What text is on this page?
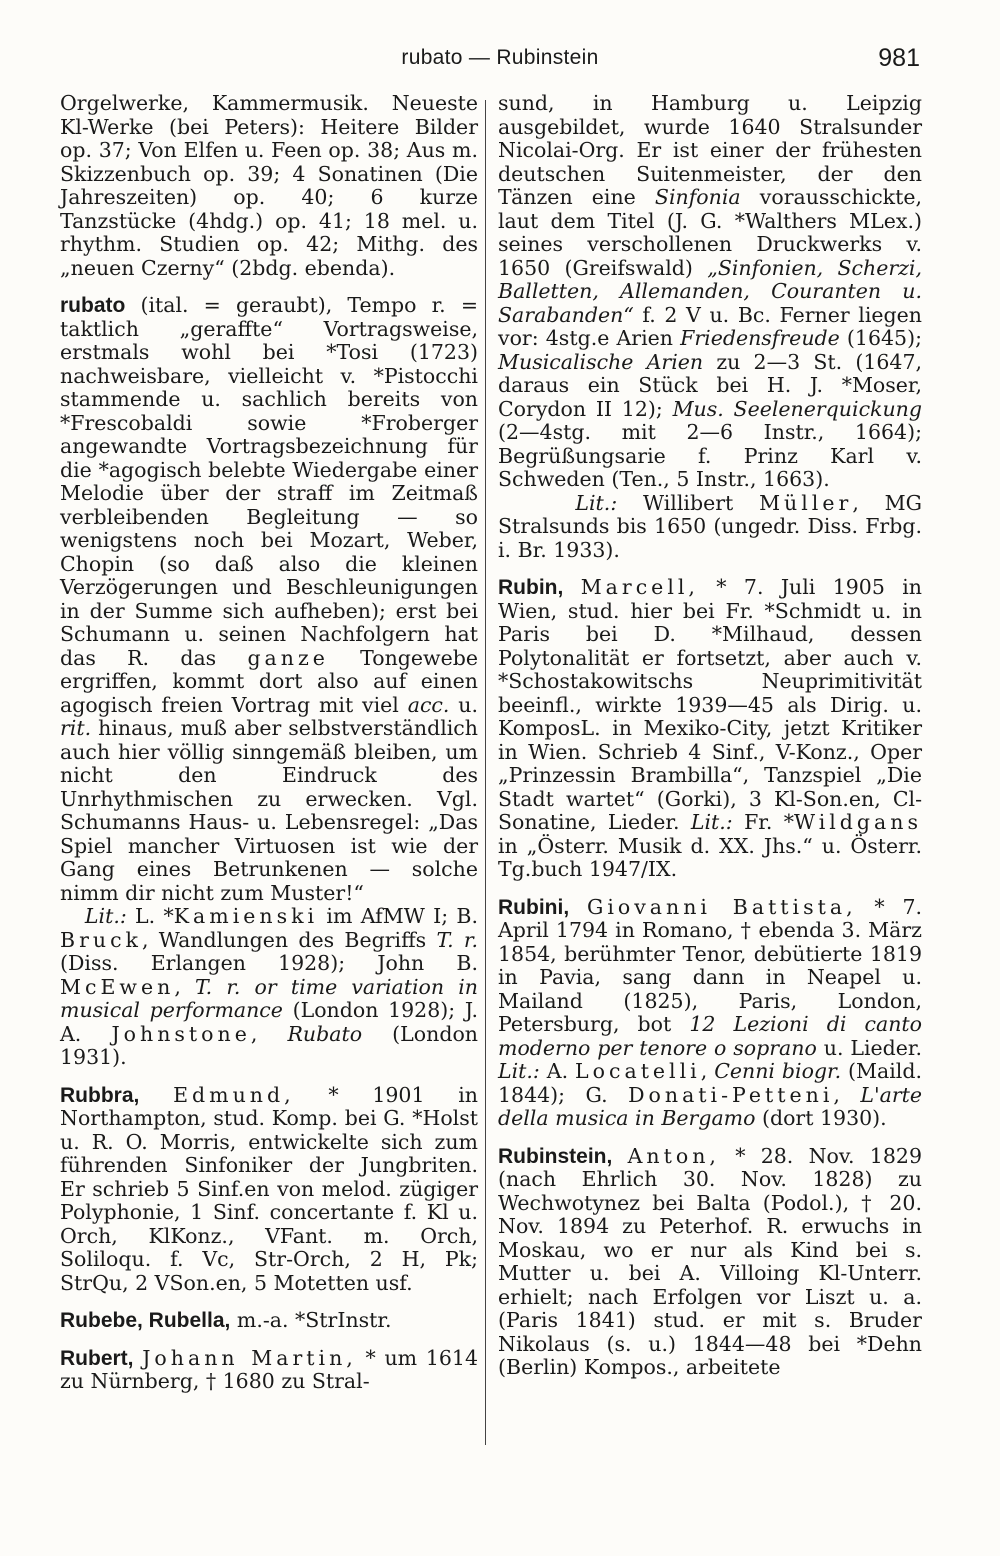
rubato — Rubinstein	981

Orgelwerke, Kammermusik. Neueste Kl-Werke (bei Peters): Heitere Bilder op. 37; Von Elfen u. Feen op. 38; Aus m. Skizzenbuch op. 39; 4 Sonatinen (Die Jahreszeiten) op. 40; 6 kurze Tanzstücke (4hdg.) op. 41; 18 mel. u. rhythm. Studien op. 42; Mithg. des „neuen Czerny“ (2bdg. ebenda).

rubato (ital. = geraubt), Tempo r. = taktlich „geraffte“ Vortragsweise, erstmals wohl bei *Tosi (1723) nachweisbare, vielleicht v. *Pistocchi stammende u. sachlich bereits von *Frescobaldi sowie *Froberger angewandte Vortragsbezeichnung für die *agogisch belebte Wiedergabe einer Melodie über der straff im Zeitmaß verbleibenden Begleitung — so wenigstens noch bei Mozart, Weber, Chopin (so daß also die kleinen Verzögerungen und Beschleunigungen in der Summe sich aufheben); erst bei Schumann u. seinen Nachfolgern hat das R. das ganze Tongewebe ergriffen, kommt dort also auf einen agogisch freien Vortrag mit viel acc. u. rit. hinaus, muß aber selbstverständlich auch hier völlig sinngemäß bleiben, um nicht den Eindruck des Unrhythmischen zu erwecken. Vgl. Schumanns Haus- u. Lebensregel: „Das Spiel mancher Virtuosen ist wie der Gang eines Betrunkenen — solche nimm dir nicht zum Muster!“
Lit.: L. *Kamienski im AfMW I; B. Bruck, Wandlungen des Begriffs T. r. (Diss. Erlangen 1928); John B. McEwen, T. r. or time variation in musical performance (London 1928); J. A. Johnstone, Rubato (London 1931).

Rubbra, Edmund, * 1901 in Northampton, stud. Komp. bei G. *Holst u. R. O. Morris, entwickelte sich zum führenden Sinfoniker der Jungbriten. Er schrieb 5 Sinf.en von melod. zügiger Polyphonie, 1 Sinf. concertante f. Kl u. Orch, KlKonz., VFant. m. Orch, Soliloqu. f. Vc, Str-Orch, 2 H, Pk; StrQu, 2 VSon.en, 5 Motetten usf.

Rubebe, Rubella, m.-a. *StrInstr.

Rubert, Johann Martin, * um 1614 zu Nürnberg, † 1680 zu Stral-

sund, in Hamburg u. Leipzig ausgebildet, wurde 1640 Stralsunder Nicolai-Org. Er ist einer der frühesten deutschen Suitenmeister, der den Tänzen eine Sinfonia vorausschickte, laut dem Titel (J. G. *Walthers MLex.) seines verschollenen Druckwerks v. 1650 (Greifswald) „Sinfonien, Scherzi, Balletten, Allemanden, Couranten u. Sarabanden“ f. 2 V u. Bc. Ferner liegen vor: 4stg.e Arien Friedensfreude (1645); Musicalische Arien zu 2—3 St. (1647, daraus ein Stück bei H. J. *Moser, Corydon II 12); Mus. Seelenerquickung (2—4stg. mit 2—6 Instr., 1664); Begrüßungsarie f. Prinz Karl v. Schweden (Ten., 5 Instr., 1663).
Lit.: Willibert Müller, MG Stralsunds bis 1650 (ungedr. Diss. Frbg. i. Br. 1933).

Rubin, Marcell, * 7. Juli 1905 in Wien, stud. hier bei Fr. *Schmidt u. in Paris bei D. *Milhaud, dessen Polytonalität er fortsetzt, aber auch v. *Schostakowitschs Neuprimitivität beeinfl., wirkte 1939—45 als Dirig. u. KomposL. in Mexiko-City, jetzt Kritiker in Wien. Schrieb 4 Sinf., V-Konz., Oper „Prinzessin Brambilla“, Tanzspiel „Die Stadt wartet“ (Gorki), 3 Kl-Son.en, Cl-Sonatine, Lieder. Lit.: Fr. *Wildgans in „Österr. Musik d. XX. Jhs.“ u. Österr. Tg.buch 1947/IX.

Rubini, Giovanni Battista, * 7. April 1794 in Romano, † ebenda 3. März 1854, berühmter Tenor, debütierte 1819 in Pavia, sang dann in Neapel u. Mailand (1825), Paris, London, Petersburg, bot 12 Lezioni di canto moderno per tenore o soprano u. Lieder. Lit.: A. Locatelli, Cenni biogr. (Maild. 1844); G. Donati-Petteni, L'arte della musica in Bergamo (dort 1930).

Rubinstein, Anton, * 28. Nov. 1829 (nach Ehrlich 30. Nov. 1828) zu Wechwotynez bei Balta (Podol.), † 20. Nov. 1894 zu Peterhof. R. erwuchs in Moskau, wo er nur als Kind bei s. Mutter u. bei A. Villoing Kl-Unterr. erhielt; nach Erfolgen vor Liszt u. a. (Paris 1841) stud. er mit s. Bruder Nikolaus (s. u.) 1844—48 bei *Dehn (Berlin) Kompos., arbeitete
